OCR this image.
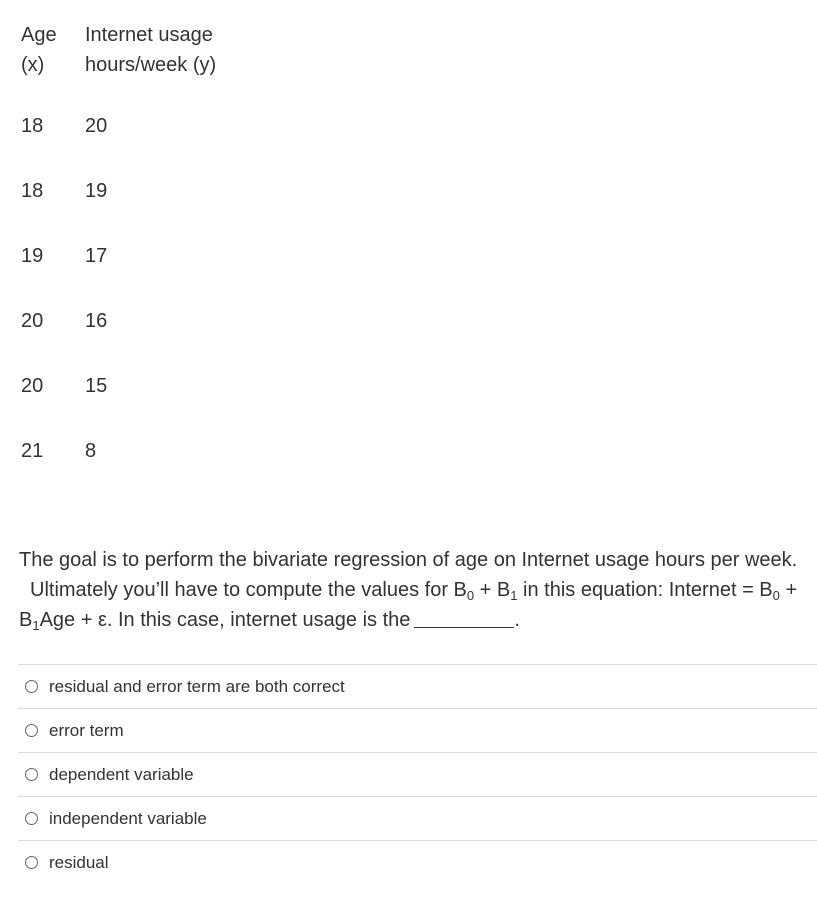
Age
(x)
Internet usage
hours/week (y)
18 20
18 19
19 17
20 16
20 15
21 8
The goal is to perform the bivariate regression of age on Internet usage hours per week.
Ultimately you’ll have to compute the values for $B_0 + B_1$ in this equation: Internet = $B_0$ +
$B_1Age + \varepsilon$. In this case, internet usage is the	.
residual and error term are both correct
error term
dependent variable
independent variable
residual
